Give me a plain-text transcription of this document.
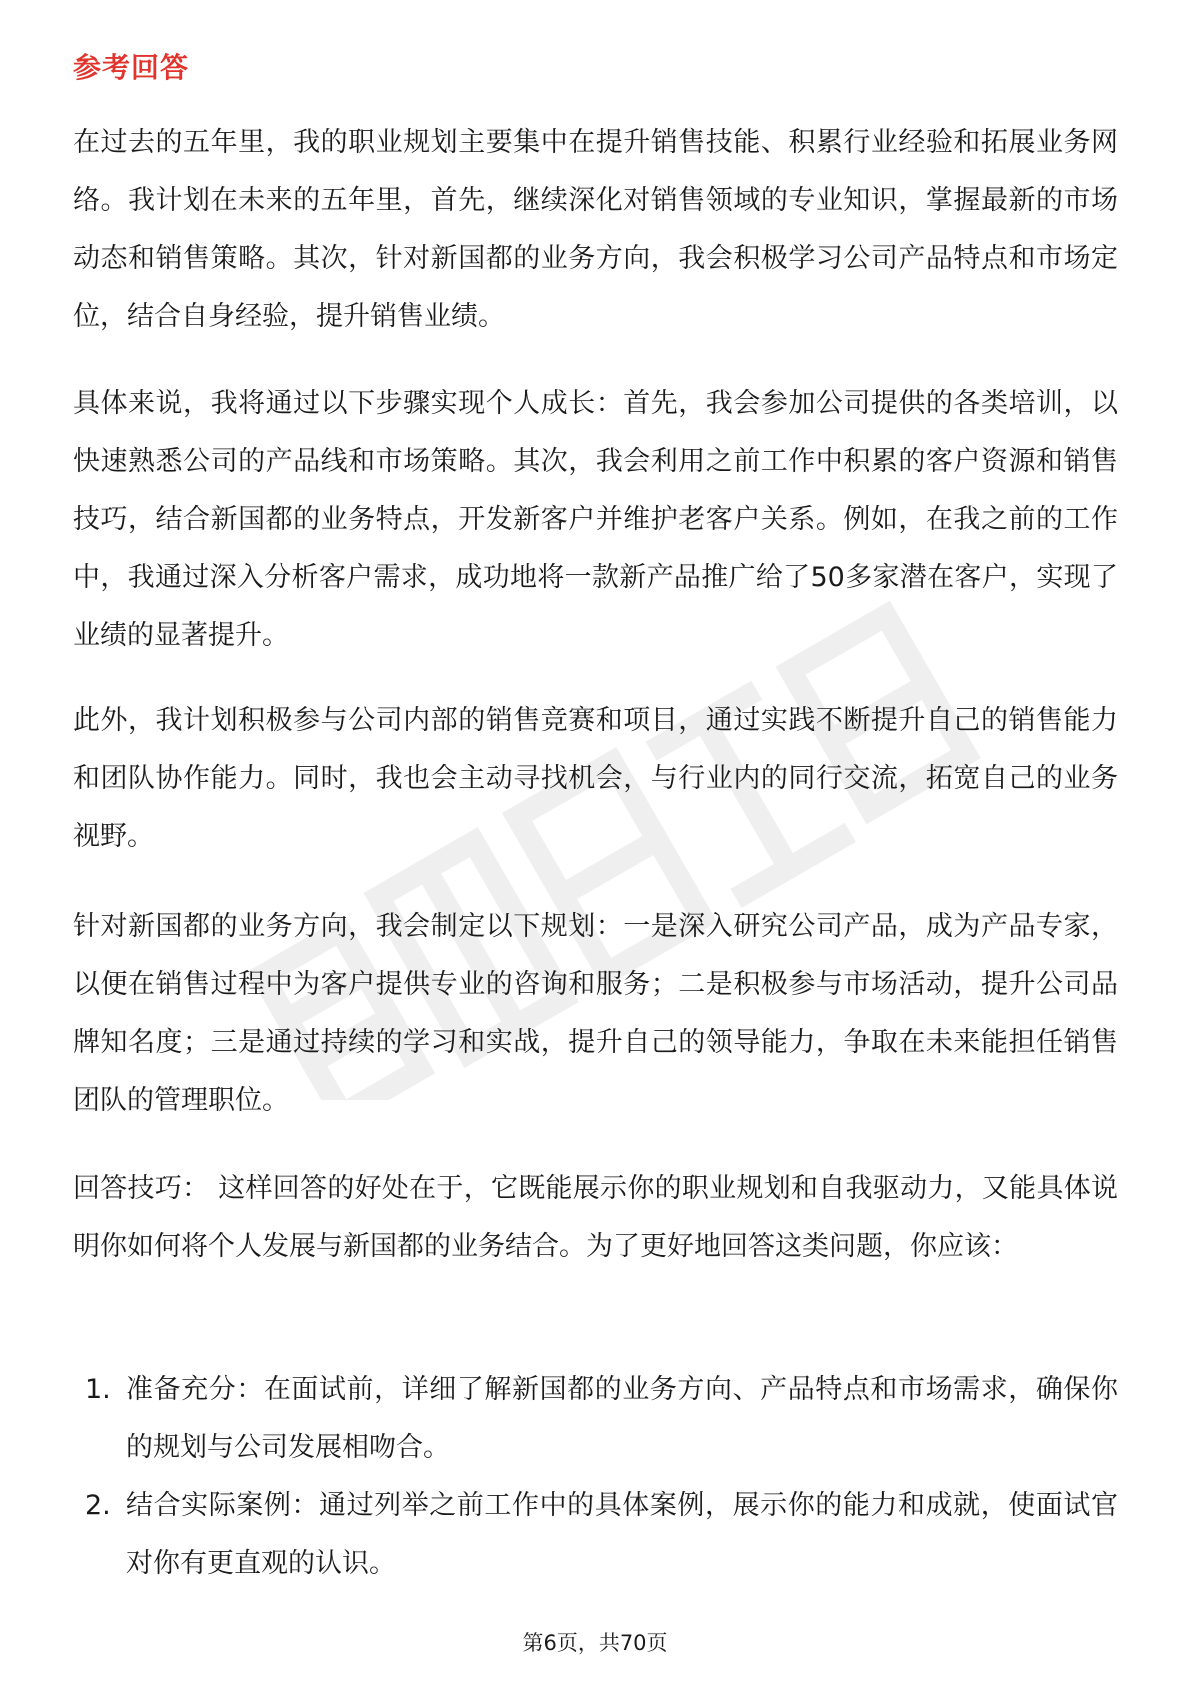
参考回答

在过去的五年里，我的职业规划主要集中在提升销售技能、积累行业经验和拓展业务网络。我计划在未来的五年里，首先，继续深化对销售领域的专业知识，掌握最新的市场动态和销售策略。其次，针对新国都的业务方向，我会积极学习公司产品特点和市场定位，结合自身经验，提升销售业绩。

具体来说，我将通过以下步骤实现个人成长：首先，我会参加公司提供的各类培训，以快速熟悉公司的产品线和市场策略。其次，我会利用之前工作中积累的客户资源和销售技巧，结合新国都的业务特点，开发新客户并维护老客户关系。例如，在我之前的工作中，我通过深入分析客户需求，成功地将一款新产品推广给了50多家潜在客户，实现了业绩的显著提升。

此外，我计划积极参与公司内部的销售竞赛和项目，通过实践不断提升自己的销售能力和团队协作能力。同时，我也会主动寻找机会，与行业内的同行交流，拓宽自己的业务视野。

针对新国都的业务方向，我会制定以下规划：一是深入研究公司产品，成为产品专家，以便在销售过程中为客户提供专业的咨询和服务；二是积极参与市场活动，提升公司品牌知名度；三是通过持续的学习和实战，提升自己的领导能力，争取在未来能担任销售团队的管理职位。

回答技巧： 这样回答的好处在于，它既能展示你的职业规划和自我驱动力，又能具体说明你如何将个人发展与新国都的业务结合。为了更好地回答这类问题，你应该：

1. 准备充分：在面试前，详细了解新国都的业务方向、产品特点和市场需求，确保你的规划与公司发展相吻合。
2. 结合实际案例：通过列举之前工作中的具体案例，展示你的能力和成就，使面试官对你有更直观的认识。
第6页，共70页
